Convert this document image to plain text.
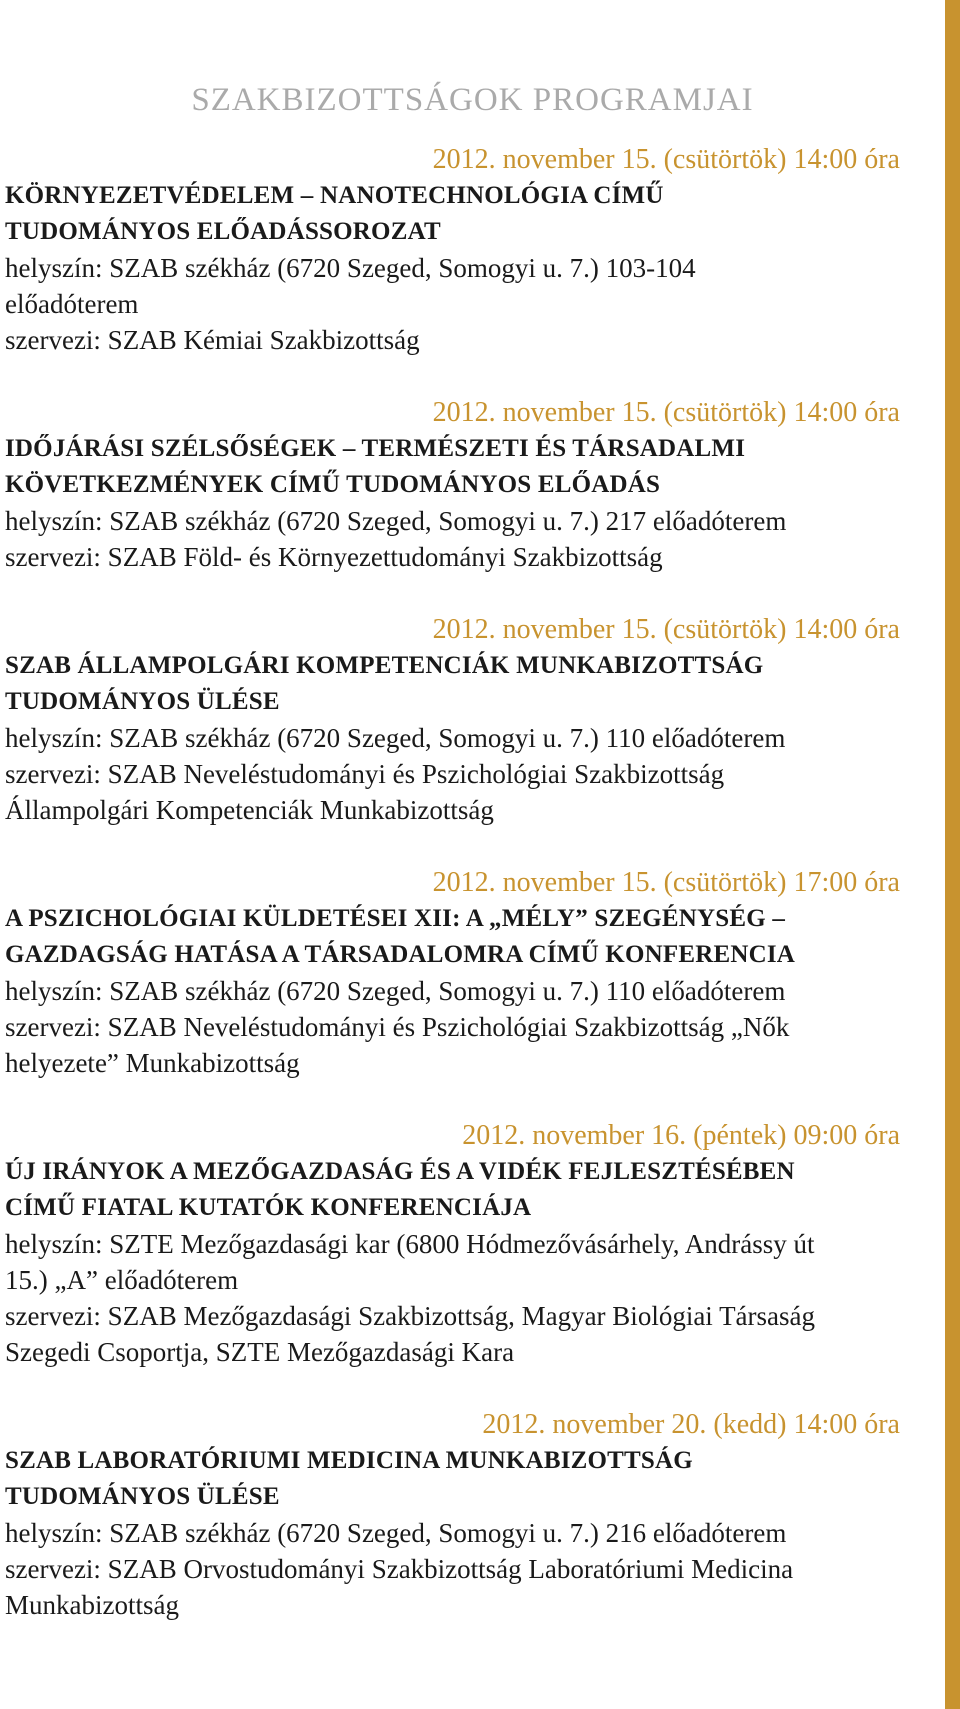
SZAKBIZOTTSÁGOK PROGRAMJAI
2012. november 15. (csütörtök) 14:00 óra
KÖRNYEZETVÉDELEM – NANOTECHNOLÓGIA CÍMŰ
TUDOMÁNYOS ELŐADÁSSOROZAT
helyszín: SZAB székház (6720 Szeged, Somogyi u. 7.) 103-104
előadóterem
szervezi: SZAB Kémiai Szakbizottság
2012. november 15. (csütörtök) 14:00 óra
IDŐJÁRÁSI SZÉLSŐSÉGEK – TERMÉSZETI ÉS TÁRSADALMI
KÖVETKEZMÉNYEK CÍMŰ TUDOMÁNYOS ELŐADÁS
helyszín: SZAB székház (6720 Szeged, Somogyi u. 7.) 217 előadóterem
szervezi: SZAB Föld- és Környezettudományi Szakbizottság
2012. november 15. (csütörtök) 14:00 óra
SZAB ÁLLAMPOLGÁRI KOMPETENCIÁK MUNKABIZOTTSÁG
TUDOMÁNYOS ÜLÉSE
helyszín: SZAB székház (6720 Szeged, Somogyi u. 7.) 110 előadóterem
szervezi: SZAB Neveléstudományi és Pszichológiai Szakbizottság
Állampolgári Kompetenciák Munkabizottság
2012. november 15. (csütörtök) 17:00 óra
A PSZICHOLÓGIAI KÜLDETÉSEI XII: A „MÉLY” SZEGÉNYSÉG –
GAZDAGSÁG HATÁSA A TÁRSADALOMRA CÍMŰ KONFERENCIA
helyszín: SZAB székház (6720 Szeged, Somogyi u. 7.) 110 előadóterem
szervezi: SZAB Neveléstudományi és Pszichológiai Szakbizottság „Nők
helyezete” Munkabizottság
2012. november 16. (péntek) 09:00 óra
ÚJ IRÁNYOK A MEZŐGAZDASÁG ÉS A VIDÉK FEJLESZTÉSÉBEN
CÍMŰ FIATAL KUTATÓK KONFERENCIÁJA
helyszín: SZTE Mezőgazdasági kar (6800 Hódmezővásárhely, Andrássy út
15.) „A” előadóterem
szervezi: SZAB Mezőgazdasági Szakbizottság, Magyar Biológiai Társaság
Szegedi Csoportja, SZTE Mezőgazdasági Kara
2012. november 20. (kedd) 14:00 óra
SZAB LABORATÓRIUMI MEDICINA MUNKABIZOTTSÁG
TUDOMÁNYOS ÜLÉSE
helyszín: SZAB székház (6720 Szeged, Somogyi u. 7.) 216 előadóterem
szervezi: SZAB Orvostudományi Szakbizottság Laboratóriumi Medicina
Munkabizottság
